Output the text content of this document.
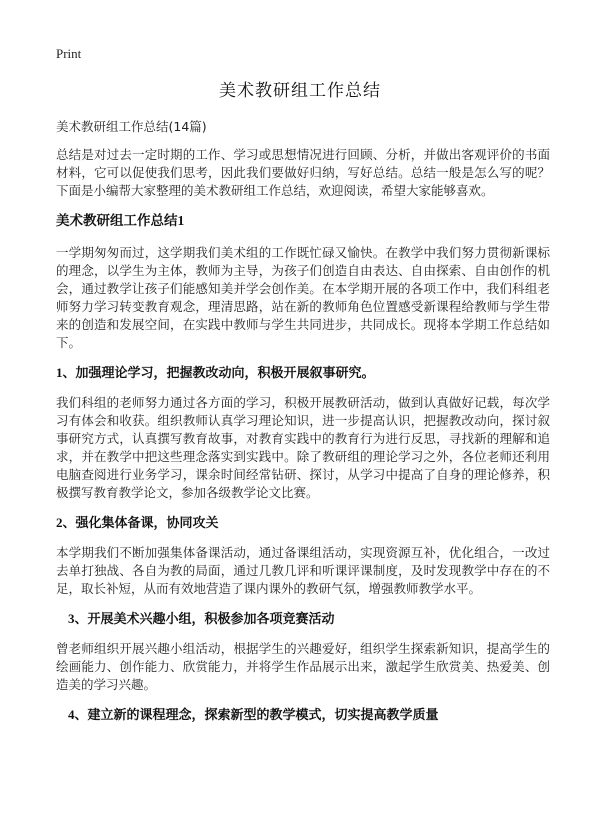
Print
美术教研组工作总结
美术教研组工作总结(14篇)

总结是对过去一定时期的工作、学习或思想情况进行回顾、分析，并做出客观评价的书面材料，它可以促使我们思考，因此我们要做好归纳，写好总结。总结一般是怎么写的呢？下面是小编帮大家整理的美术教研组工作总结，欢迎阅读，希望大家能够喜欢。

美术教研组工作总结1

一学期匆匆而过，这学期我们美术组的工作既忙碌又愉快。在教学中我们努力贯彻新课标的理念，以学生为主体，教师为主导，为孩子们创造自由表达、自由探索、自由创作的机会，通过教学让孩子们能感知美并学会创作美。在本学期开展的各项工作中，我们科组老师努力学习转变教育观念，理清思路，站在新的教师角色位置感受新课程给教师与学生带来的创造和发展空间，在实践中教师与学生共同进步，共同成长。现将本学期工作总结如下。

1、加强理论学习，把握教改动向，积极开展叙事研究。

我们科组的老师努力通过各方面的学习，积极开展教研活动，做到认真做好记载，每次学习有体会和收获。组织教师认真学习理论知识，进一步提高认识，把握教改动向，探讨叙事研究方式，认真撰写教育故事，对教育实践中的教育行为进行反思，寻找新的理解和追求，并在教学中把这些理念落实到实践中。除了教研组的理论学习之外，各位老师还利用电脑查阅进行业务学习，课余时间经常钻研、探讨，从学习中提高了自身的理论修养，积极撰写教育教学论文，参加各级教学论文比赛。

2、强化集体备课，协同攻关

本学期我们不断加强集体备课活动，通过备课组活动，实现资源互补，优化组合，一改过去单打独战、各自为教的局面，通过几教几评和听课评课制度，及时发现教学中存在的不足，取长补短，从而有效地营造了课内课外的教研气氛，增强教师教学水平。

3、开展美术兴趣小组，积极参加各项竞赛活动

曾老师组织开展兴趣小组活动，根据学生的兴趣爱好，组织学生探索新知识，提高学生的绘画能力、创作能力、欣赏能力，并将学生作品展示出来，激起学生欣赏美、热爱美、创造美的学习兴趣。

4、建立新的课程理念，探索新型的教学模式，切实提高教学质量
